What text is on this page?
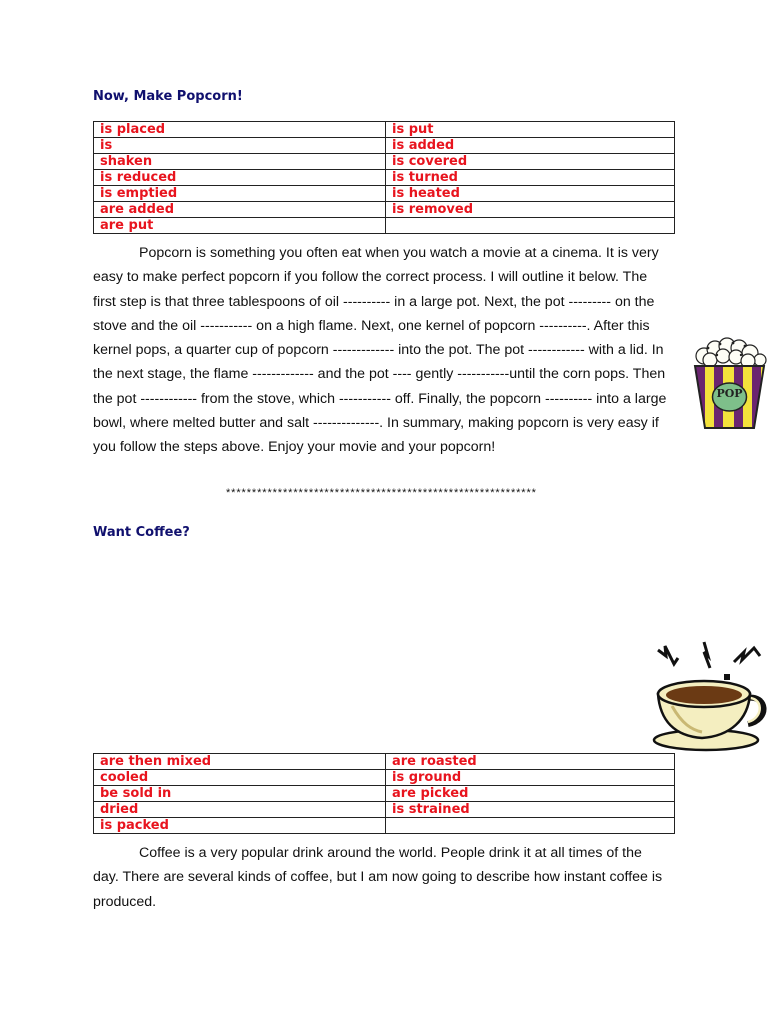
Now, Make Popcorn!
is placed	is put
is	is added
shaken	is covered
is reduced	is turned
is emptied	is heated
are added	is removed
are put	

Popcorn is something you often eat when you watch a movie at a cinema. It is very easy to make perfect popcorn if you follow the correct process. I will outline it below. The first step is that three tablespoons of oil ---------- in a large pot. Next, the pot --------- on the stove and the oil ----------- on a high flame. Next, one kernel of popcorn ----------. After this kernel pops, a quarter cup of popcorn ------------- into the pot. The pot ------------ with a lid. In the next stage, the flame ------------- and the pot ---- gently -----------until the corn pops. Then the pot ------------ from the stove, which ----------- off. Finally, the popcorn ---------- into a large bowl, where melted butter and salt --------------. In summary, making popcorn is very easy if you follow the steps above. Enjoy your movie and your popcorn!

POP
************************************************************
Want Coffee?
are then mixed	are roasted
cooled	is ground
be sold in	are picked
dried	is strained
is packed	

Coffee is a very popular drink around the world. People drink it at all times of the day. There are several kinds of coffee, but I am now going to describe how instant coffee is produced.
